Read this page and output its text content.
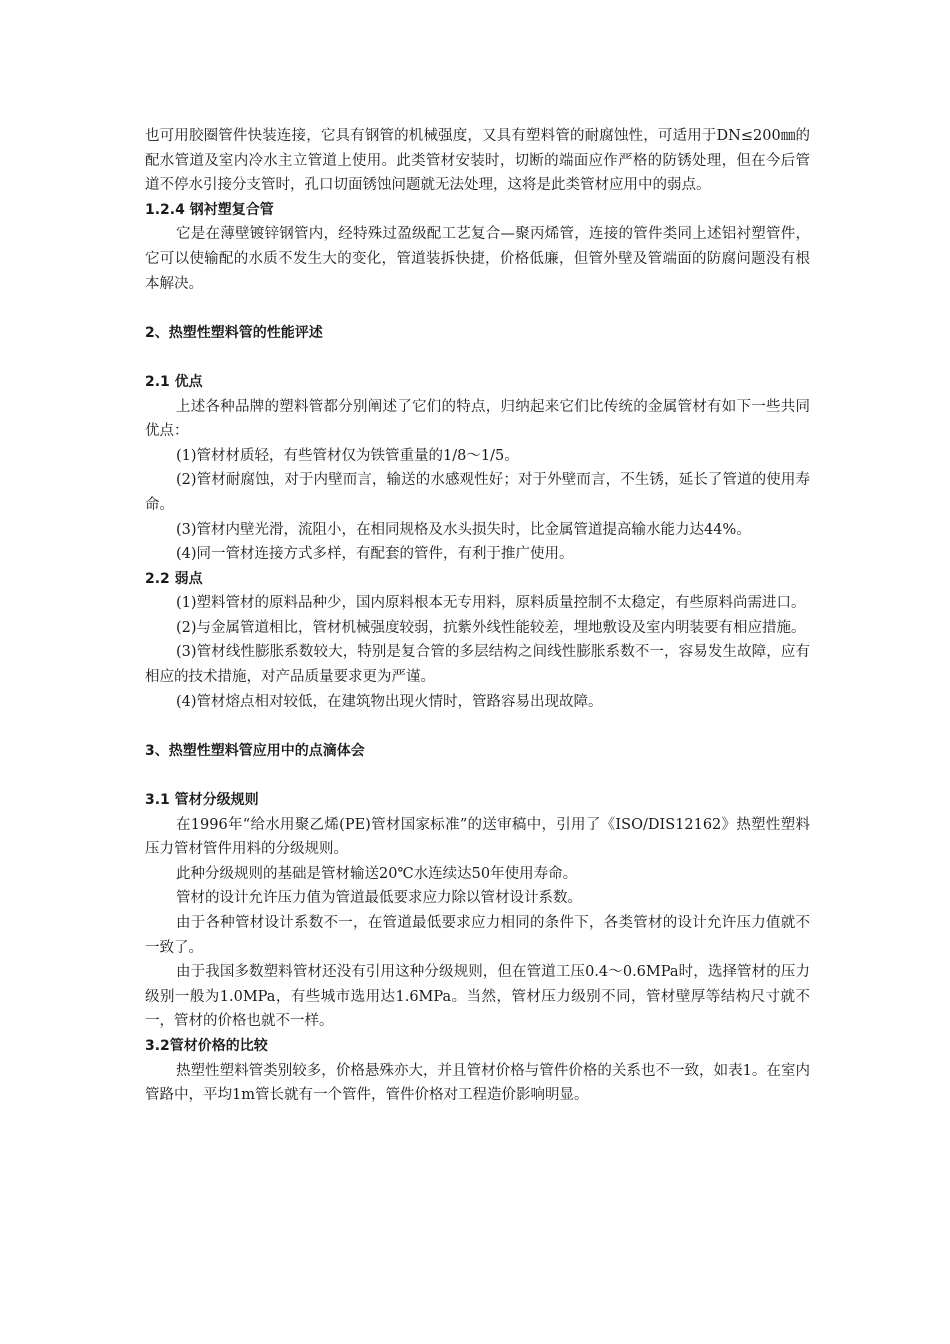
也可用胶圈管件快装连接，它具有钢管的机械强度，又具有塑料管的耐腐蚀性，可适用于DN≤200㎜的配水管道及室内冷水主立管道上使用。此类管材安装时，切断的端面应作严格的防锈处理，但在今后管道不停水引接分支管时，孔口切面锈蚀问题就无法处理，这将是此类管材应用中的弱点。

1.2.4 钢衬塑复合管

它是在薄壁镀锌钢管内，经特殊过盈级配工艺复合—聚丙烯管，连接的管件类同上述铝衬塑管件，它可以使输配的水质不发生大的变化，管道装拆快捷，价格低廉，但管外壁及管端面的防腐问题没有根本解决。

2、热塑性塑料管的性能评述

2.1 优点

上述各种品牌的塑料管都分别阐述了它们的特点，归纳起来它们比传统的金属管材有如下一些共同优点：

(1)管材材质轻，有些管材仅为铁管重量的1/8～1/5。

(2)管材耐腐蚀，对于内壁而言，输送的水感观性好；对于外壁而言，不生锈，延长了管道的使用寿命。

(3)管材内壁光滑，流阻小，在相同规格及水头损失时，比金属管道提高输水能力达44%。

(4)同一管材连接方式多样，有配套的管件，有利于推广使用。

2.2 弱点

(1)塑料管材的原料品种少，国内原料根本无专用料，原料质量控制不太稳定，有些原料尚需进口。

(2)与金属管道相比，管材机械强度较弱，抗紫外线性能较差，埋地敷设及室内明装要有相应措施。

(3)管材线性膨胀系数较大，特别是复合管的多层结构之间线性膨胀系数不一，容易发生故障，应有相应的技术措施，对产品质量要求更为严谨。

(4)管材熔点相对较低，在建筑物出现火情时，管路容易出现故障。

3、热塑性塑料管应用中的点滴体会

3.1 管材分级规则

在1996年“给水用聚乙烯(PE)管材国家标准”的送审稿中，引用了《ISO/DIS12162》热塑性塑料压力管材管件用料的分级规则。

此种分级规则的基础是管材输送20℃水连续达50年使用寿命。

管材的设计允许压力值为管道最低要求应力除以管材设计系数。

由于各种管材设计系数不一，在管道最低要求应力相同的条件下，各类管材的设计允许压力值就不一致了。

由于我国多数塑料管材还没有引用这种分级规则，但在管道工压0.4～0.6MPa时，选择管材的压力级别一般为1.0MPa，有些城市选用达1.6MPa。当然，管材压力级别不同，管材壁厚等结构尺寸就不一，管材的价格也就不一样。

3.2管材价格的比较

热塑性塑料管类别较多，价格悬殊亦大，并且管材价格与管件价格的关系也不一致，如表1。在室内管路中，平均1m管长就有一个管件，管件价格对工程造价影响明显。
